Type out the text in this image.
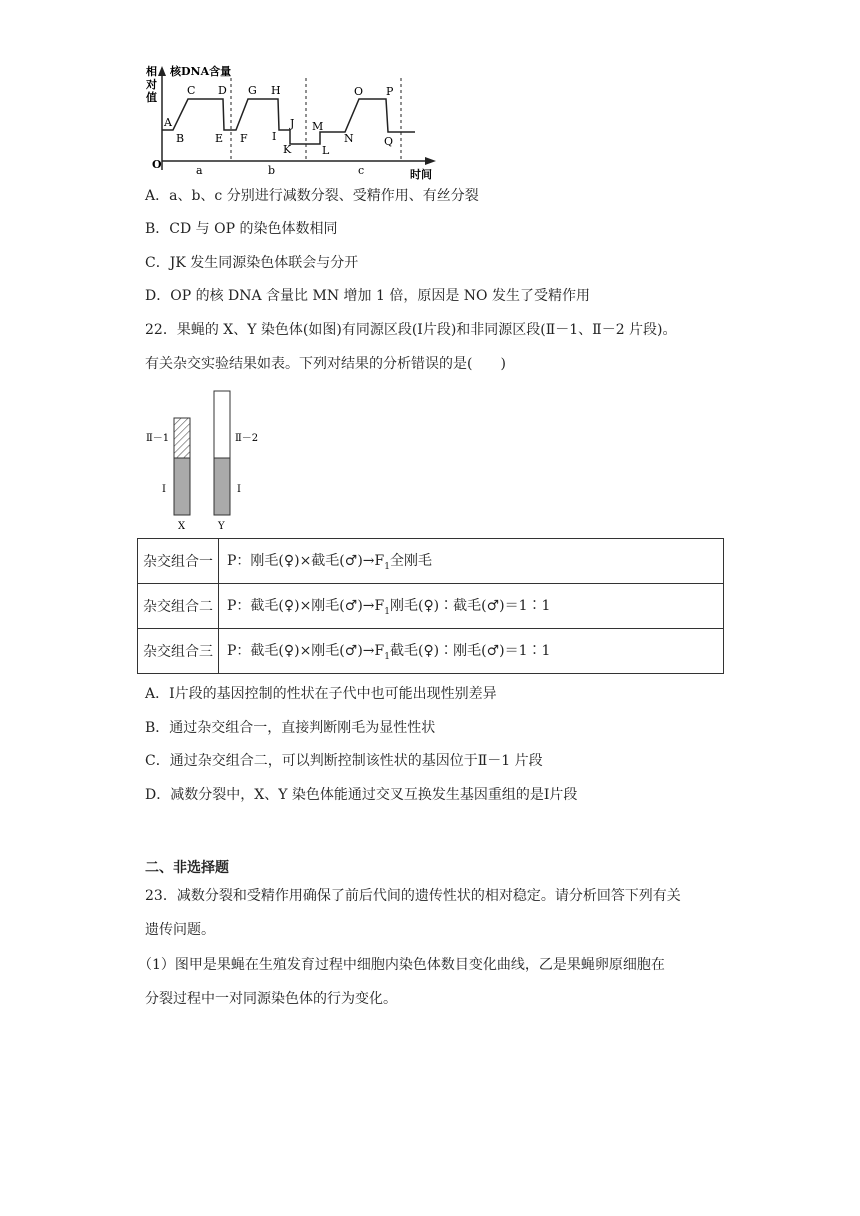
相
对
值
核DNA含量
O
时间
A
B
C D
E F
G H
I
J
K	L
M
N
O P
Q
a	b	c
A．a、b、c 分别进行减数分裂、受精作用、有丝分裂
B．CD 与 OP 的染色体数相同
C．JK 发生同源染色体联会与分开
D．OP 的核 DNA 含量比 MN 增加 1 倍，原因是 NO 发生了受精作用
22．果蝇的 X、Y 染色体(如图)有同源区段(Ⅰ片段)和非同源区段(Ⅱ－1、Ⅱ－2 片段)。
有关杂交实验结果如表。下列对结果的分析错误的是(　　)
Ⅱ－1	Ⅱ－2
Ⅰ	Ⅰ
X	Y
杂交组合一	P：刚毛(♀)×截毛$(♂)\to F_1$全刚毛
杂交组合二	P：截毛(♀)×刚毛$(♂)\to F_1$刚毛(♀)∶截毛(♂)＝1∶1
杂交组合三	P：截毛(♀)×刚毛$(♂)\to F_1$截毛(♀)∶刚毛(♂)＝1∶1
A．Ⅰ片段的基因控制的性状在子代中也可能出现性别差异
B．通过杂交组合一，直接判断刚毛为显性性状
C．通过杂交组合二，可以判断控制该性状的基因位于Ⅱ－1 片段
D．减数分裂中，X、Y 染色体能通过交叉互换发生基因重组的是Ⅰ片段
二、非选择题
23．减数分裂和受精作用确保了前后代间的遗传性状的相对稳定。请分析回答下列有关
遗传问题。
（1）图甲是果蝇在生殖发育过程中细胞内染色体数目变化曲线，乙是果蝇卵原细胞在
分裂过程中一对同源染色体的行为变化。
